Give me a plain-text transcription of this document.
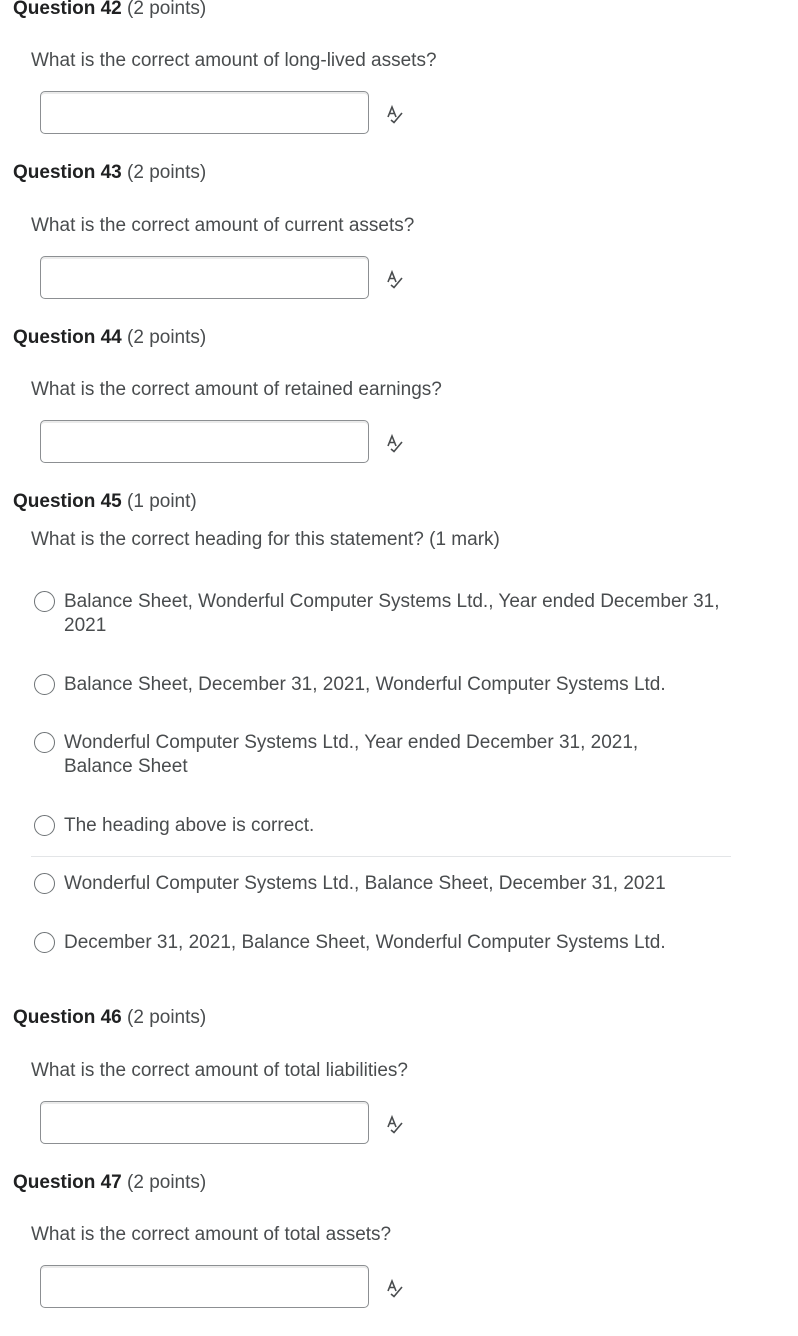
Question 42 (2 points)
What is the correct amount of long-lived assets?
Question 43 (2 points)
What is the correct amount of current assets?
Question 44 (2 points)
What is the correct amount of retained earnings?
Question 45 (1 point)
What is the correct heading for this statement? (1 mark)
Balance Sheet, Wonderful Computer Systems Ltd., Year ended December 31, 2021
Balance Sheet, December 31, 2021, Wonderful Computer Systems Ltd.
Wonderful Computer Systems Ltd., Year ended December 31, 2021, Balance Sheet
The heading above is correct.
Wonderful Computer Systems Ltd., Balance Sheet, December 31, 2021
December 31, 2021, Balance Sheet, Wonderful Computer Systems Ltd.
Question 46 (2 points)
What is the correct amount of total liabilities?
Question 47 (2 points)
What is the correct amount of total assets?
